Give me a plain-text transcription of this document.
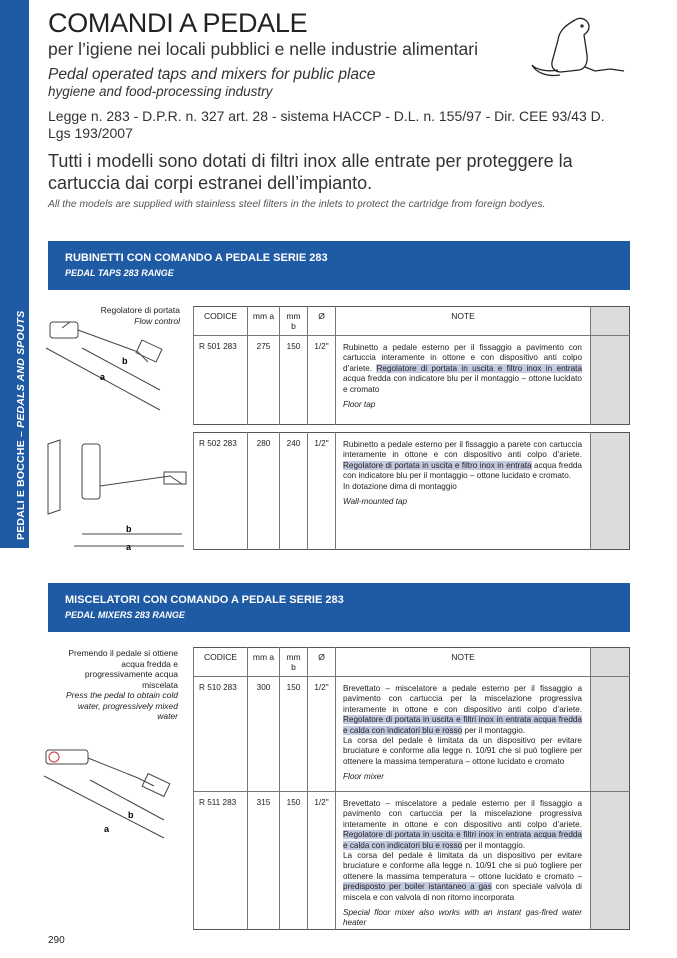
PEDALI E BOCCHE – PEDALS AND SPOUTS
COMANDI A PEDALE
per l’igiene nei locali pubblici e nelle industrie alimentari
Pedal operated taps and mixers for public place
hygiene and food-processing industry
Legge n. 283 - D.P.R. n. 327 art. 28 - sistema HACCP - D.L. n. 155/97 - Dir. CEE 93/43 D. Lgs 193/2007
Tutti i modelli sono dotati di filtri inox alle entrate per proteggere la cartuccia dai corpi estranei dell’impianto.
All the models are supplied with stainless steel filters in the inlets to protect the cartridge from foreign bodyes.
RUBINETTI CON COMANDO A PEDALE SERIE 283
PEDAL TAPS 283 RANGE
Regolatore di portata
Flow control
b
a
CODICE	mm a	mm b	Ø	NOTE	
R 501 283	275	150	1/2"	Rubinetto a pedale esterno per il fissaggio a pavimento con cartuccia interamente in ottone e con dispositivo anti colpo d’ariete. Regolatore di portata in uscita e filtro inox in entrata acqua fredda con indicatore blu per il montaggio – ottone lucidato e cromato
Floor tap	

b
a
R 502 283	280	240	1/2"	Rubinetto a pedale esterno per il fissaggio a parete con cartuccia interamente in ottone e con dispositivo anti colpo d’ariete. Regolatore di portata in uscita e filtro inox in entrata acqua fredda con indicatore blu per il montaggio – ottone lucidato e cromato.
In dotazione dima di montaggio
Wall-mounted tap

MISCELATORI CON COMANDO A PEDALE SERIE 283
PEDAL MIXERS 283 RANGE
Premendo il pedale si ottiene acqua fredda e progressivamente acqua miscelata
Press the pedal to obtain cold water, progressively mixed water
b
a
CODICE	mm a	mm b	Ø	NOTE	
R 510 283	300	150	1/2"	Brevettato – miscelatore a pedale esterno per il fissaggio a pavimento con cartuccia per la miscelazione progressiva interamente in ottone e con dispositivo anti colpo d’ariete. Regolatore di portata in uscita e filtri inox in entrata acqua fredda e calda con indicatori blu e rosso per il montaggio.
La corsa del pedale è limitata da un dispositivo per evitare bruciature e conforme alla legge n. 10/91 che si può togliere per ottenere la massima temperatura – ottone lucidato e cromato
Floor mixer	

R 511 283	315	150	1/2"	Brevettato – miscelatore a pedale esterno per il fissaggio a pavimento con cartuccia per la miscelazione progressiva interamente in ottone e con dispositivo anti colpo d’ariete. Regolatore di portata in uscita e filtri inox in entrata acqua fredda e calda con indicatori blu e rosso per il montaggio.
La corsa del pedale è limitata da un dispositivo per evitare bruciature e conforme alla legge n. 10/91 che si può togliere per ottenere la massima temperatura – ottone lucidato e cromato – predisposto per boiler istantaneo a gas con speciale valvola di miscela e con valvola di non ritorno incorporata
Special floor mixer also works with an instant gas-fired water heater	

290
